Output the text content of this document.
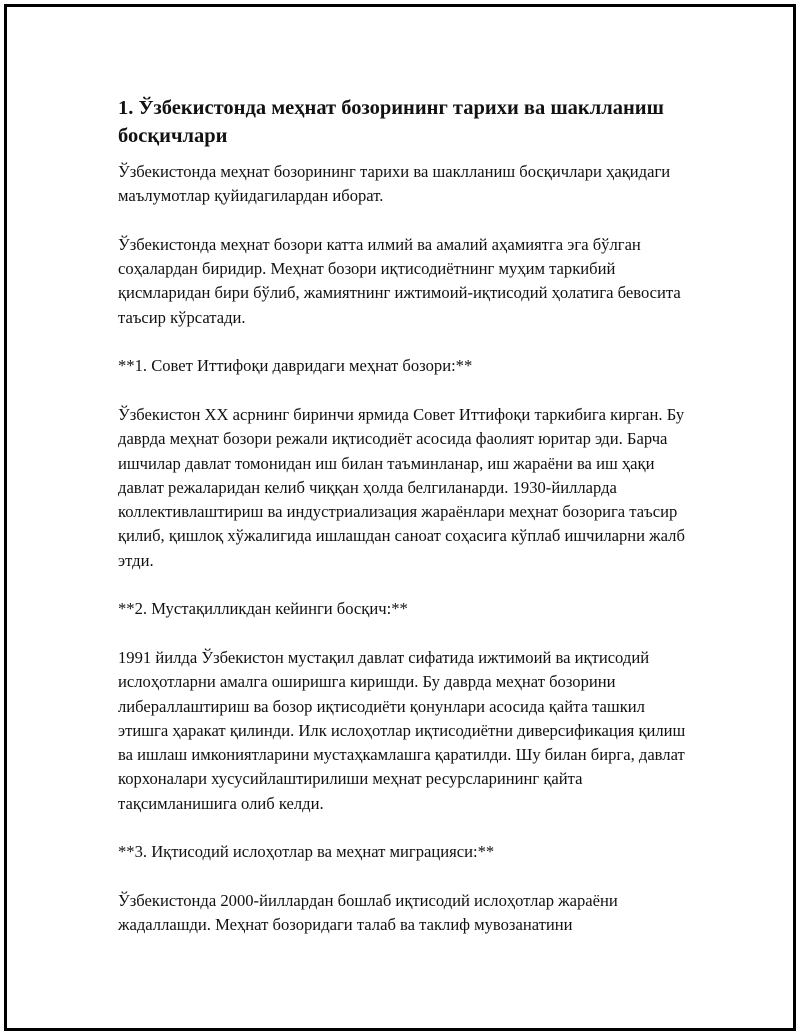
1. Ўзбекистонда меҳнат бозорининг тарихи ва шаклланиш босқичлари

Ўзбекистонда меҳнат бозорининг тарихи ва шаклланиш босқичлари ҳақидаги маълумотлар қуйидагилардан иборат.

Ўзбекистонда меҳнат бозори катта илмий ва амалий аҳамиятга эга бўлган соҳалардан биридир. Меҳнат бозори иқтисодиётнинг муҳим таркибий қисмларидан бири бўлиб, жамиятнинг ижтимоий-иқтисодий ҳолатига бевосита таъсир кўрсатади.

**1. Совет Иттифоқи давридаги меҳнат бозори:**

Ўзбекистон XX асрнинг биринчи ярмида Совет Иттифоқи таркибига кирган. Бу даврда меҳнат бозори режали иқтисодиёт асосида фаолият юритар эди. Барча ишчилар давлат томонидан иш билан таъминланар, иш жараёни ва иш ҳақи давлат режаларидан келиб чиққан ҳолда белгиланарди. 1930-йилларда коллективлаштириш ва индустриализация жараёнлари меҳнат бозорига таъсир қилиб, қишлоқ хўжалигида ишлашдан саноат соҳасига кўплаб ишчиларни жалб этди.

**2. Мустақилликдан кейинги босқич:**

1991 йилда Ўзбекистон мустақил давлат сифатида ижтимоий ва иқтисодий ислоҳотларни амалга оширишга киришди. Бу даврда меҳнат бозорини либераллаштириш ва бозор иқтисодиёти қонунлари асосида қайта ташкил этишга ҳаракат қилинди. Илк ислоҳотлар иқтисодиётни диверсификация қилиш ва ишлаш имкониятларини мустаҳкамлашга қаратилди. Шу билан бирга, давлат корхоналари хусусийлаштирилиши меҳнат ресурсларининг қайта тақсимланишига олиб келди.

**3. Иқтисодий ислоҳотлар ва меҳнат миграцияси:**

Ўзбекистонда 2000-йиллардан бошлаб иқтисодий ислоҳотлар жараёни жадаллашди. Меҳнат бозоридаги талаб ва таклиф мувозанатини
